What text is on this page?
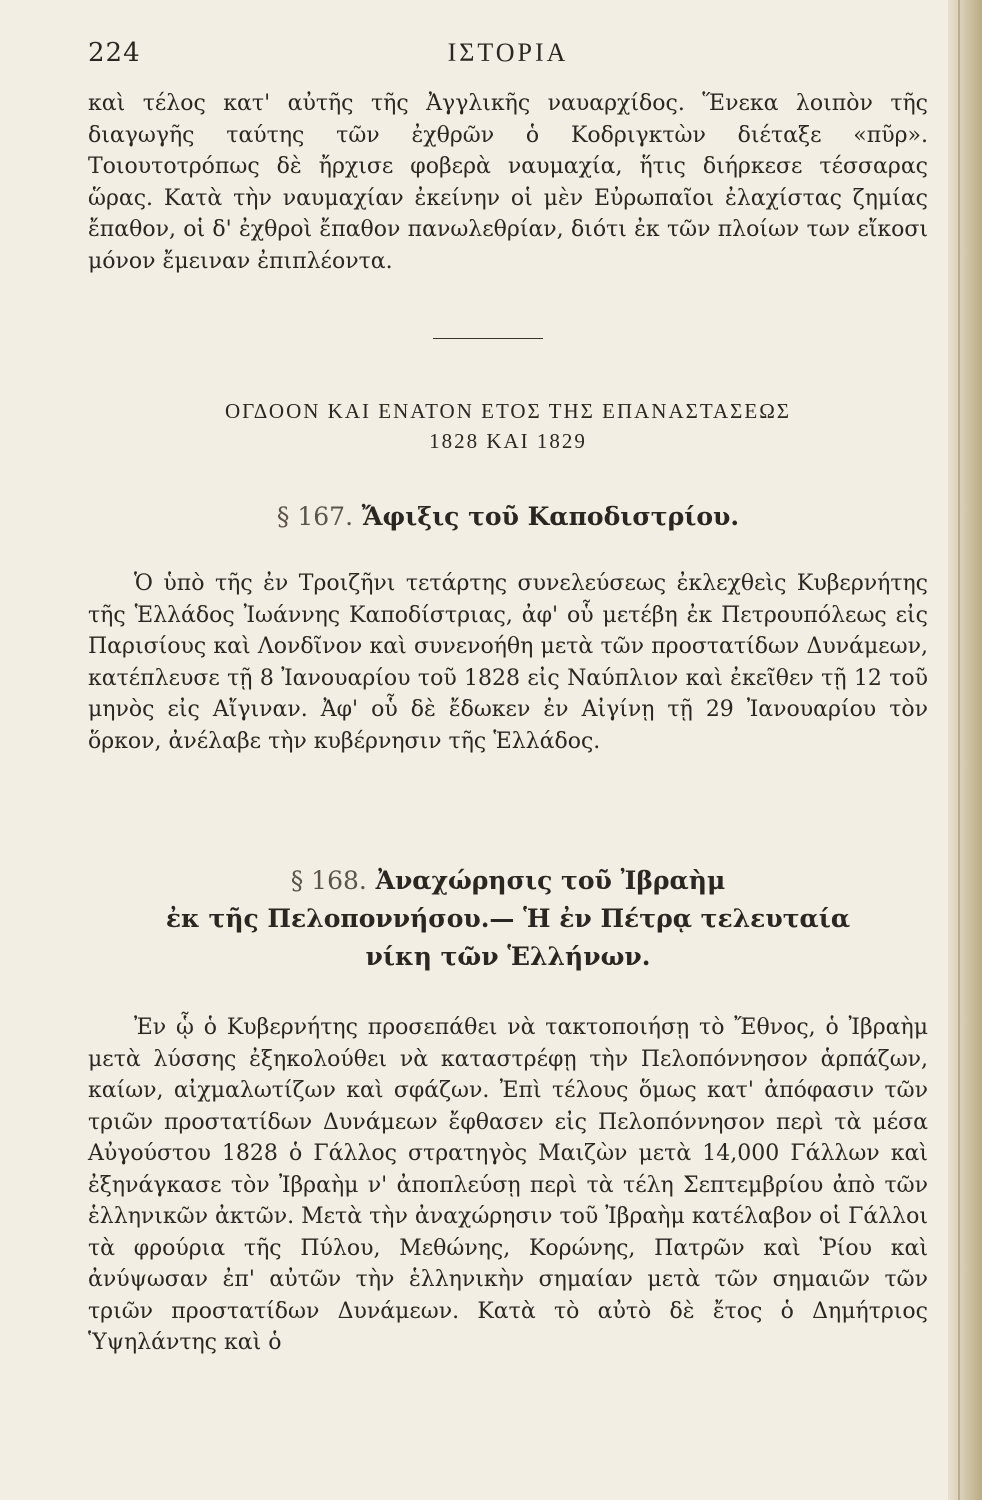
224	ΙΣΤΟΡΙΑ

καὶ τέλος κατ' αὐτῆς τῆς Ἀγγλικῆς ναυαρχίδος. Ἕνεκα λοιπὸν τῆς διαγωγῆς ταύτης τῶν ἐχθρῶν ὁ Κοδριγκτὼν διέταξε «πῦρ». Τοιουτοτρόπως δὲ ἤρχισε φοβερὰ ναυμαχία, ἥτις διήρκεσε τέσσαρας ὥρας. Κατὰ τὴν ναυμαχίαν ἐκείνην οἱ μὲν Εὐρωπαῖοι ἐλαχίστας ζημίας ἔπαθον, οἱ δ' ἐχθροὶ ἔπαθον πανωλεθρίαν, διότι ἐκ τῶν πλοίων των εἴκοσι μόνον ἔμειναν ἐπιπλέοντα.

ΟΓΔΟΟΝ ΚΑΙ ΕΝΑΤΟΝ ΕΤΟΣ ΤΗΣ ΕΠΑΝΑΣΤΑΣΕΩΣ
1828 ΚΑΙ 1829
§ 167. Ἄφιξις τοῦ Καποδιστρίου.

Ὁ ὑπὸ τῆς ἐν Τροιζῆνι τετάρτης συνελεύσεως ἐκλεχθεὶς Κυβερνήτης τῆς Ἑλλάδος Ἰωάννης Καποδίστριας, ἀφ' οὗ μετέβη ἐκ Πετρουπόλεως εἰς Παρισίους καὶ Λονδῖνον καὶ συνενοήθη μετὰ τῶν προστατίδων Δυνάμεων, κατέπλευσε τῇ 8 Ἰανουαρίου τοῦ 1828 εἰς Ναύπλιον καὶ ἐκεῖθεν τῇ 12 τοῦ μηνὸς εἰς Αἴγιναν. Ἀφ' οὗ δὲ ἔδωκεν ἐν Αἰγίνῃ τῇ 29 Ἰανουαρίου τὸν ὅρκον, ἀνέλαβε τὴν κυβέρνησιν τῆς Ἑλλάδος.

§ 168. Ἀναχώρησις τοῦ Ἰβραὴμ
ἐκ τῆς Πελοποννήσου.— Ἡ ἐν Πέτρᾳ τελευταία
νίκη τῶν Ἑλλήνων.

Ἐν ᾧ ὁ Κυβερνήτης προσεπάθει νὰ τακτοποιήσῃ τὸ Ἔθνος, ὁ Ἰβραὴμ μετὰ λύσσης ἐξηκολούθει νὰ καταστρέφῃ τὴν Πελοπόννησον ἁρπάζων, καίων, αἰχμαλωτίζων καὶ σφάζων. Ἐπὶ τέλους ὅμως κατ' ἀπόφασιν τῶν τριῶν προστατίδων Δυνάμεων ἔφθασεν εἰς Πελοπόννησον περὶ τὰ μέσα Αὐγούστου 1828 ὁ Γάλλος στρατηγὸς Μαιζὼν μετὰ 14,000 Γάλλων καὶ ἐξηνάγκασε τὸν Ἰβραὴμ ν' ἀποπλεύσῃ περὶ τὰ τέλη Σεπτεμβρίου ἀπὸ τῶν ἑλληνικῶν ἀκτῶν. Μετὰ τὴν ἀναχώρησιν τοῦ Ἰβραὴμ κατέλαβον οἱ Γάλλοι τὰ φρούρια τῆς Πύλου, Μεθώνης, Κορώνης, Πατρῶν καὶ Ῥίου καὶ ἀνύψωσαν ἐπ' αὐτῶν τὴν ἑλληνικὴν σημαίαν μετὰ τῶν σημαιῶν τῶν τριῶν προστατίδων Δυνάμεων. Κατὰ τὸ αὐτὸ δὲ ἔτος ὁ Δημήτριος Ὑψηλάντης καὶ ὁ
